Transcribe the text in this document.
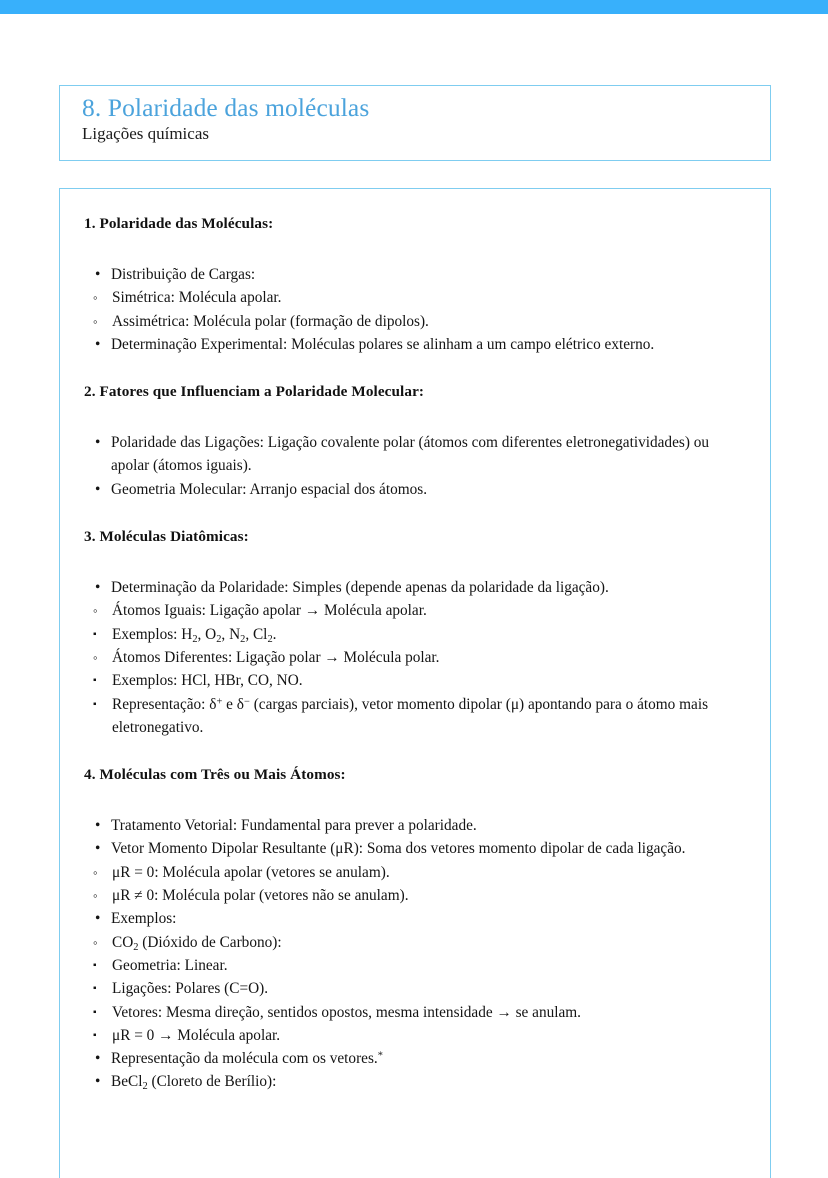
8. Polaridade das moléculas
Ligações químicas
1. Polaridade das Moléculas:
• Distribuição de Cargas:
◦ Simétrica: Molécula apolar.
◦ Assimétrica: Molécula polar (formação de dipolos).
• Determinação Experimental: Moléculas polares se alinham a um campo elétrico externo.
2. Fatores que Influenciam a Polaridade Molecular:
• Polaridade das Ligações: Ligação covalente polar (átomos com diferentes eletronegatividades) ou apolar (átomos iguais).
• Geometria Molecular: Arranjo espacial dos átomos.
3. Moléculas Diatômicas:
• Determinação da Polaridade: Simples (depende apenas da polaridade da ligação).
◦ Átomos Iguais: Ligação apolar → Molécula apolar.
▪ Exemplos: $H_2$, $O_2$, $N_2$, $Cl_2$.
◦ Átomos Diferentes: Ligação polar → Molécula polar.
▪ Exemplos: HCl, HBr, CO, NO.
▪ Representação: δ+ e δ− (cargas parciais), vetor momento dipolar (μ) apontando para o átomo mais eletronegativo.
4. Moléculas com Três ou Mais Átomos:
• Tratamento Vetorial: Fundamental para prever a polaridade.
• Vetor Momento Dipolar Resultante (μR): Soma dos vetores momento dipolar de cada ligação.
◦ μR = 0: Molécula apolar (vetores se anulam).
◦ μR ≠ 0: Molécula polar (vetores não se anulam).
• Exemplos:
◦ $CO_2$ (Dióxido de Carbono):
▪ Geometria: Linear.
▪ Ligações: Polares (C=O).
▪ Vetores: Mesma direção, sentidos opostos, mesma intensidade → se anulam.
▪ μR = 0 → Molécula apolar.
• Representação da molécula com os vetores.*
• BeCl$_2$ (Cloreto de Berílio):
